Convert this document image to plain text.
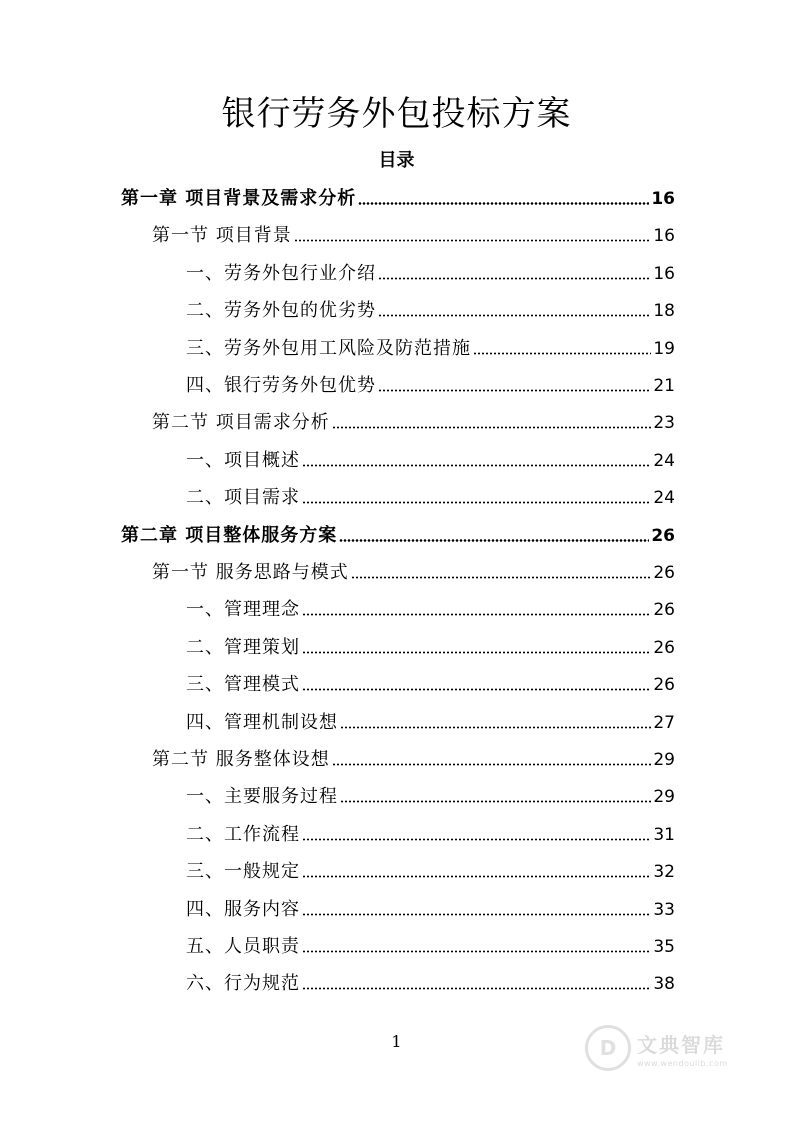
银行劳务外包投标方案
目录
第一章 项目背景及需求分析	16
第一节 项目背景	16
一、劳务外包行业介绍	16
二、劳务外包的优劣势	18
三、劳务外包用工风险及防范措施	19
四、银行劳务外包优势	21
第二节 项目需求分析	23
一、项目概述	24
二、项目需求	24
第二章 项目整体服务方案	26
第一节 服务思路与模式	26
一、管理理念	26
二、管理策划	26
三、管理模式	26
四、管理机制设想	27
第二节 服务整体设想	29
一、主要服务过程	29
二、工作流程	31
三、一般规定	32
四、服务内容	33
五、人员职责	35
六、行为规范	38
1	D	文典智库
www.wendoulib.com
